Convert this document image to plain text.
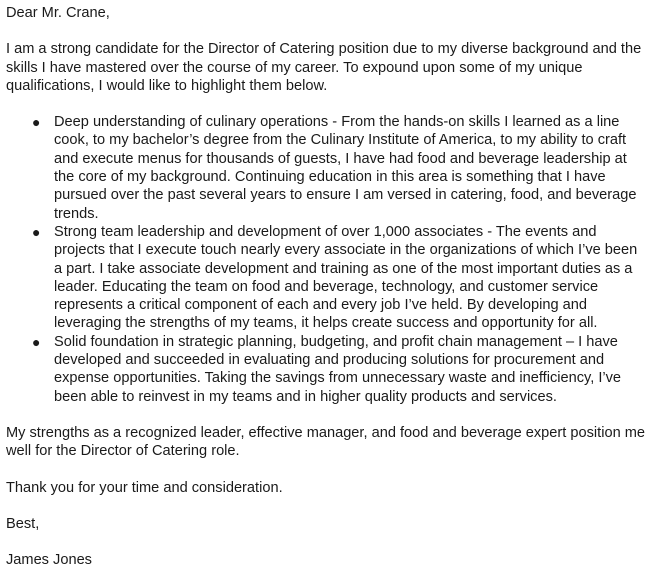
Dear Mr. Crane,

I am a strong candidate for the Director of Catering position due to my diverse background and the skills I have mastered over the course of my career. To expound upon some of my unique qualifications, I would like to highlight them below.

● Deep understanding of culinary operations - From the hands-on skills I learned as a line cook, to my bachelor’s degree from the Culinary Institute of America, to my ability to craft and execute menus for thousands of guests, I have had food and beverage leadership at the core of my background. Continuing education in this area is something that I have pursued over the past several years to ensure I am versed in catering, food, and beverage trends.
● Strong team leadership and development of over 1,000 associates - The events and projects that I execute touch nearly every associate in the organizations of which I’ve been a part. I take associate development and training as one of the most important duties as a leader. Educating the team on food and beverage, technology, and customer service represents a critical component of each and every job I’ve held. By developing and leveraging the strengths of my teams, it helps create success and opportunity for all.
● Solid foundation in strategic planning, budgeting, and profit chain management – I have developed and succeeded in evaluating and producing solutions for procurement and expense opportunities. Taking the savings from unnecessary waste and inefficiency, I’ve been able to reinvest in my teams and in higher quality products and services.

My strengths as a recognized leader, effective manager, and food and beverage expert position me well for the Director of Catering role.

Thank you for your time and consideration.

Best,

James Jones
